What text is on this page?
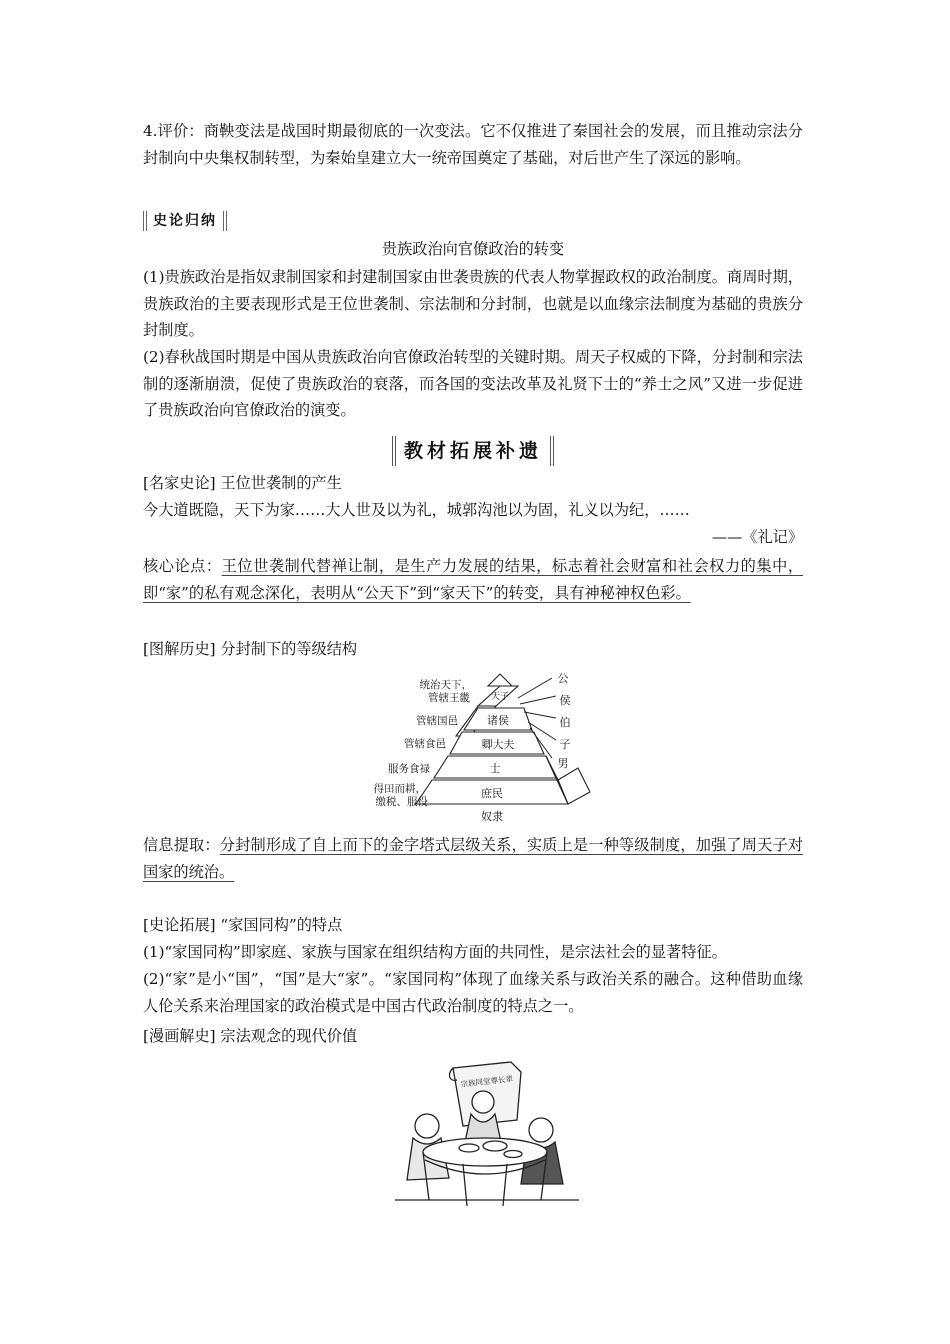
4.评价：商鞅变法是战国时期最彻底的一次变法。它不仅推进了秦国社会的发展，而且推动宗法分封制向中央集权制转型，为秦始皇建立大一统帝国奠定了基础，对后世产生了深远的影响。

史论归纳

贵族政治向官僚政治的转变

(1)贵族政治是指奴隶制国家和封建制国家由世袭贵族的代表人物掌握政权的政治制度。商周时期，贵族政治的主要表现形式是王位世袭制、宗法制和分封制，也就是以血缘宗法制度为基础的贵族分封制度。

(2)春秋战国时期是中国从贵族政治向官僚政治转型的关键时期。周天子权威的下降，分封制和宗法制的逐渐崩溃，促使了贵族政治的衰落，而各国的变法改革及礼贤下士的“养士之风”又进一步促进了贵族政治向官僚政治的演变。

教材拓展补遗

[名家史论] 王位世袭制的产生

今大道既隐，天下为家……大人世及以为礼，城郭沟池以为固，礼义以为纪，……

——《礼记》

核心论点：王位世袭制代替禅让制，是生产力发展的结果，标志着社会财富和社会权力的集中，即“家”的私有观念深化，表明从“公天下”到“家天下”的转变，具有神秘神权色彩。

[图解历史] 分封制下的等级结构

天子
诸侯
卿大夫
士
庶民
奴隶
统治天下，
管辖王畿
管辖国邑
管辖食邑
服务食禄
得田而耕，
缴税、服役
公
侯
伯
子
男

信息提取：分封制形成了自上而下的金字塔式层级关系，实质上是一种等级制度，加强了周天子对国家的统治。

[史论拓展] “家国同构”的特点

(1)“家国同构”即家庭、家族与国家在组织结构方面的共同性，是宗法社会的显著特征。

(2)“家”是小“国”，“国”是大“家”。“家国同构”体现了血缘关系与政治关系的融合。这种借助血缘人伦关系来治理国家的政治模式是中国古代政治制度的特点之一。

[漫画解史] 宗法观念的现代价值

宗族同堂尊长辈
